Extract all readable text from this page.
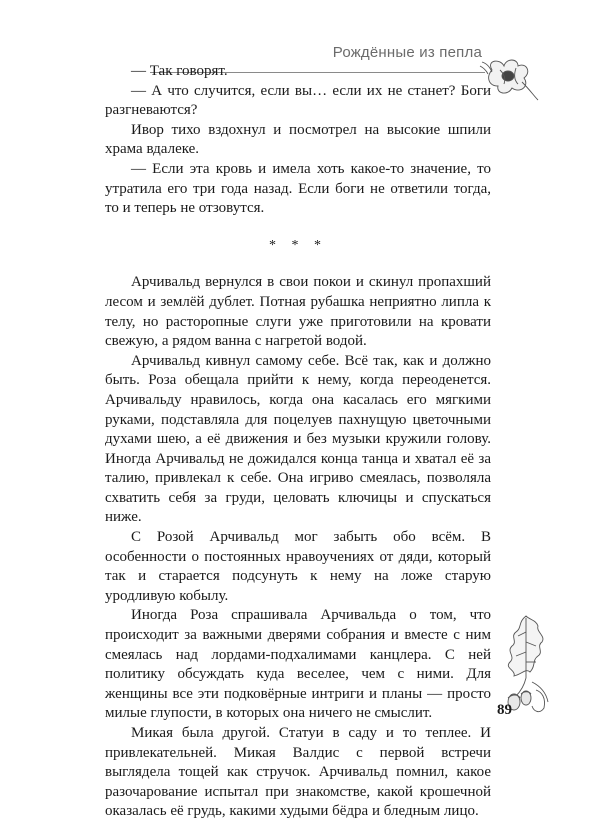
Рождённые из пепла

— Так говорят.

— А что случится, если вы… если их не станет? Боги разгневаются?

Ивор тихо вздохнул и посмотрел на высокие шпили храма вдалеке.

— Если эта кровь и имела хоть какое-то значение, то утратила его три года назад. Если боги не ответили тогда, то и теперь не отзовутся.

* * *

Арчивальд вернулся в свои покои и скинул пропахший лесом и землёй дублет. Потная рубашка неприятно липла к телу, но расторопные слуги уже приготовили на кровати свежую, а рядом ванна с нагретой водой.

Арчивальд кивнул самому себе. Всё так, как и должно быть. Роза обещала прийти к нему, когда переоденется. Арчивальду нравилось, когда она касалась его мягкими руками, подставляла для поцелуев пахнущую цветочными духами шею, а её движения и без музыки кружили голову. Иногда Арчивальд не дожидался конца танца и хватал её за талию, привлекал к себе. Она игриво смеялась, позволяла схватить себя за груди, целовать ключицы и спускаться ниже.

С Розой Арчивальд мог забыть обо всём. В особенности о постоянных нравоучениях от дяди, который так и старается подсунуть к нему на ложе старую уродливую кобылу.

Иногда Роза спрашивала Арчивальда о том, что происходит за важными дверями собрания и вместе с ним смеялась над лордами-подхалимами канцлера. С ней политику обсуждать куда веселее, чем с ними. Для женщины все эти подковёрные интриги и планы — просто милые глупости, в которых она ничего не смыслит.

Микая была другой. Статуи в саду и то теплее. И привлекательней. Микая Валдис с первой встречи выглядела тощей как стручок. Арчивальд помнил, какое разочарование испытал при знакомстве, какой крошечной оказалась её грудь, какими худыми бёдра и бледным лицо.

89
